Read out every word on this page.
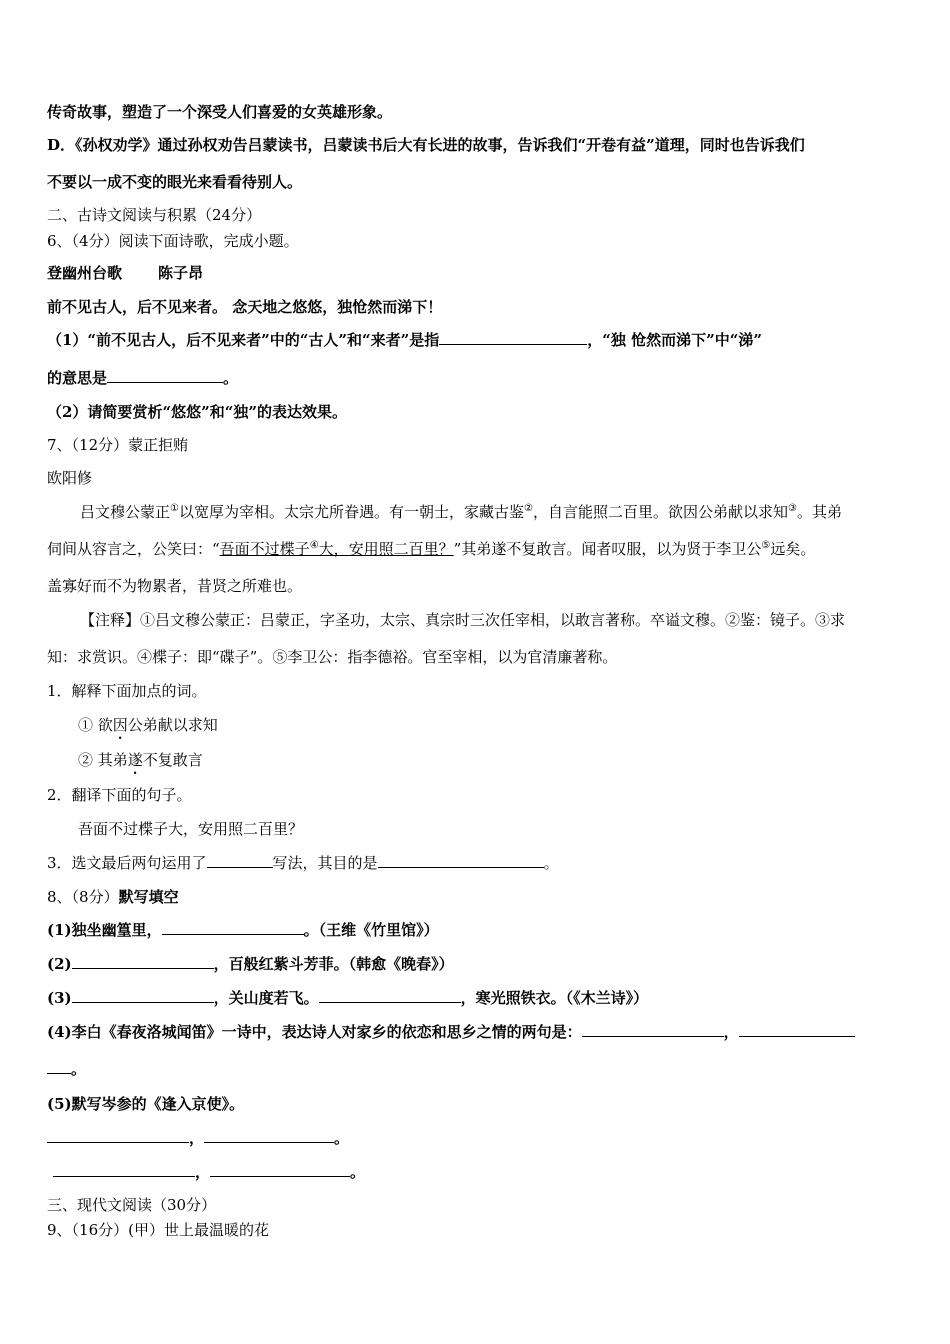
传奇故事，塑造了一个深受人们喜爱的女英雄形象。
D．《孙权劝学》通过孙权劝告吕蒙读书，吕蒙读书后大有长进的故事，告诉我们“开卷有益”道理，同时也告诉我们
不要以一成不变的眼光来看看待别人。
二、古诗文阅读与积累（24分）
6、（4分）阅读下面诗歌，完成小题。
登幽州台歌 陈子昂
前不见古人，后不见来者。 念天地之悠悠，独怆然而涕下！
（1）“前不见古人，后不见来者”中的“古人”和“来者”是指	，“独 怆然而涕下”中“涕”
的意思是	。
（2）请简要赏析“悠悠”和“独”的表达效果。
7、（12分）蒙正拒贿
欧阳修
吕文穆公蒙正①以宽厚为宰相。太宗尤所眷遇。有一朝士，家藏古鉴②，自言能照二百里。欲因公弟献以求知③。其弟
伺间从容言之，公笑曰：“吾面不过楪子④大，安用照二百里？”其弟遂不复敢言。闻者叹服，以为贤于李卫公⑤远矣。
盖寡好而不为物累者，昔贤之所难也。
【注释】①吕文穆公蒙正：吕蒙正，字圣功，太宗、真宗时三次任宰相，以敢言著称。卒谥文穆。②鉴：镜子。③求
知：求赏识。④楪子：即“碟子”。⑤李卫公：指李德裕。官至宰相，以为官清廉著称。
1．解释下面加点的词。
① 欲因公弟献以求知
② 其弟遂不复敢言
2．翻译下面的句子。
吾面不过楪子大，安用照二百里？
3．选文最后两句运用了	写法，其目的是	。
8、（8分）默写填空
(1)独坐幽篁里，	。（王维《竹里馆》）
(2)	，百般红紫斗芳菲。（韩愈《晚春》）
(3)	，关山度若飞。	，寒光照铁衣。（《木兰诗》）
(4)李白《春夜洛城闻笛》一诗中，表达诗人对家乡的依恋和思乡之情的两句是：	，
。
(5)默写岑参的《逢入京使》。
，	。
，	。
三、现代文阅读（30分）
9、（16分）(甲）世上最温暖的花
